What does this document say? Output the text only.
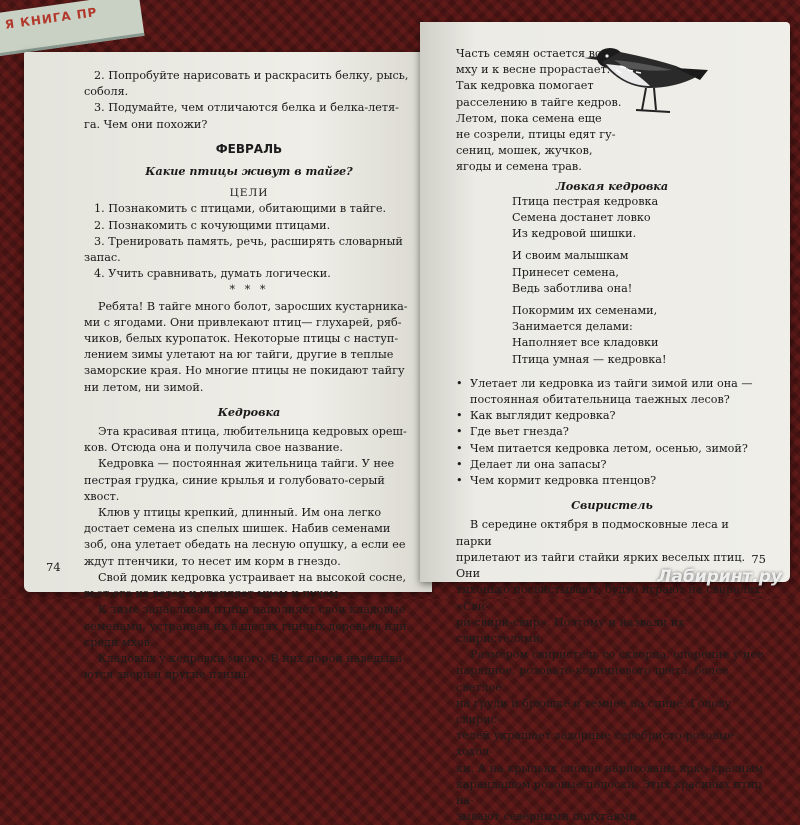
Я КНИГА ПР

2. Попробуйте нарисовать и раскрасить белку, рысь,

соболя.

3. Подумайте, чем отличаются белка и белка-летя-

га. Чем они похожи?

ФЕВРАЛЬ
Какие птицы живут в тайге?
ЦЕЛИ

1. Познакомить с птицами, обитающими в тайге.

2. Познакомить с кочующими птицами.

3. Тренировать память, речь, расширять словарный

запас.

4. Учить сравнивать, думать логически.

* * *

Ребята! В тайге много болот, заросших кустарника-

ми с ягодами. Они привлекают птиц— глухарей, ряб-

чиков, белых куропаток. Некоторые птицы с наступ-

лением зимы улетают на юг тайги, другие в теплые

заморские края. Но многие птицы не покидают тайгу

ни летом, ни зимой.

Кедровка

Эта красивая птица, любительница кедровых ореш-

ков. Отсюда она и получила свое название.

Кедровка — постоянная жительница тайги. У нее

пестрая грудка, синие крылья и голубовато-серый хвост.

Клюв у птицы крепкий, длинный. Им она легко

достает семена из спелых шишек. Набив семенами

зоб, она улетает обедать на лесную опушку, а если ее

ждут птенчики, то несет им корм в гнездо.

Свой домик кедровка устраивает на высокой сосне,

вьет его из веток и утепляет мхом и пухом.

К зиме запасливая птица наполняет свои кладовые

семенами, устраивая их в щелях гнилых деревьев или

среди мхов.

Кладовых у кедровки много. В них порой наведыва-

ются звери и другие птицы.

74

Часть семян остается во

мху и к весне прорастает.

Так кедровка помогает

расселению в тайге кедров.

Летом, пока семена еще

не созрели, птицы едят гу-

сениц, мошек, жучков,

ягоды и семена трав.

Ловкая кедровка
Птица пестрая кедровка
Семена достанет ловко
Из кедровой шишки.
И своим малышкам
Принесет семена,
Ведь заботлива она!
Покормим их семенами,
Занимается делами:
Наполняет все кладовки
Птица умная — кедровка!
• Улетает ли кедровка из тайги зимой или она —
постоянная обитательница таежных лесов?
• Как выглядит кедровка?
• Где вьет гнезда?
• Чем питается кедровка летом, осенью, зимой?
• Делает ли она запасы?
• Чем кормит кедровка птенцов?
Свиристель

В середине октября в подмосковные леса и парки

прилетают из тайги стайки ярких веселых птиц. Они

тихонько посвистывают, будто играют на свирелях: «Сви-

ри-свири-свир». Поэтому и назвали их свиристелями.

Размером свиристель со скворца, оперение у нее

нарядное, розовато-коричневого цвета, более светлое

на груди и брюшке и темнее на спине. Голову свирис-

телей украшает задорные серебристо-розовые хохол-

ки. А на крыльях словно нарисованы ярко-красным

карандашом розовые полоски. Этих красивых птиц на-

зывают северными попугаями.

75
Лабиринт.ру
